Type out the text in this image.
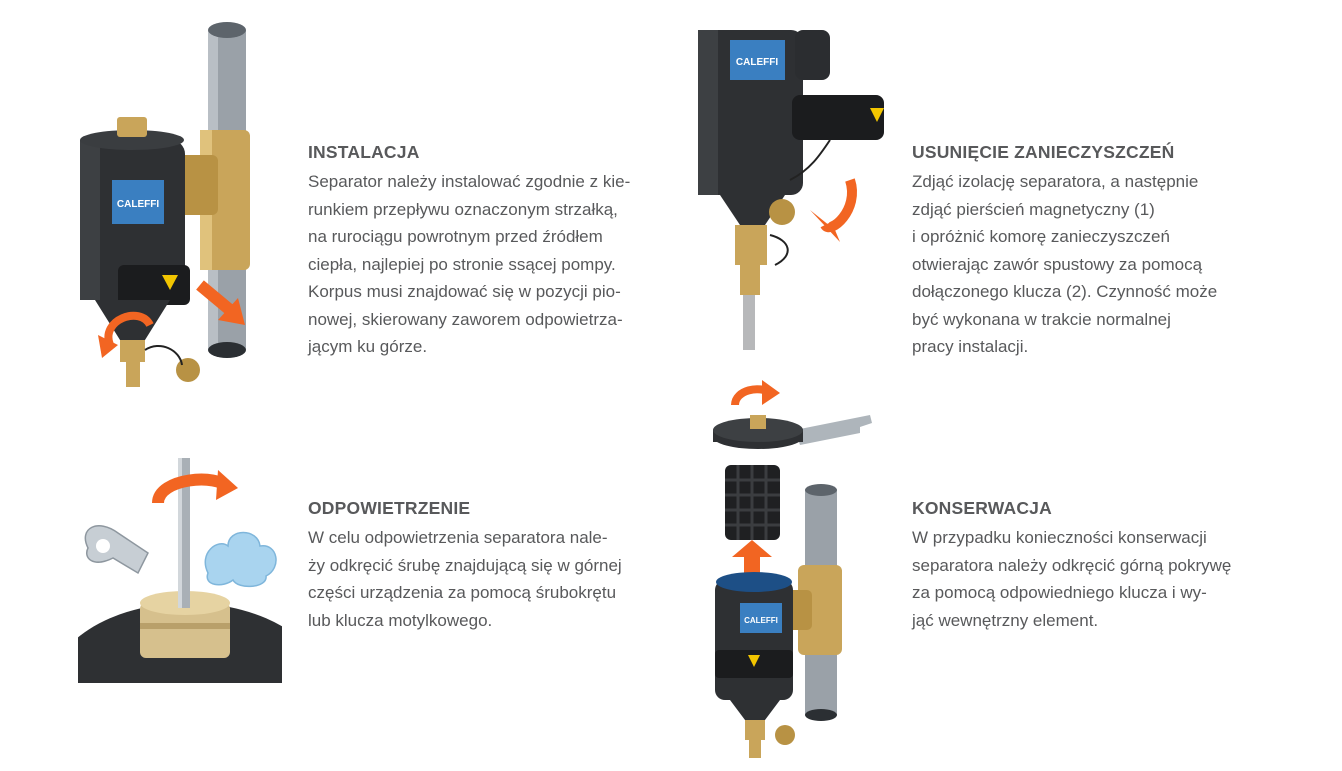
CALEFFI
INSTALACJA
Separator należy instalować zgodnie z kie-
runkiem przepływu oznaczonym strzałką,
na rurociągu powrotnym przed źródłem
ciepła, najlepiej po stronie ssącej pompy.
Korpus musi znajdować się w pozycji pio-
nowej, skierowany zaworem odpowietrza-
jącym ku górze.
ODPOWIETRZENIE
W celu odpowietrzenia separatora nale-
ży odkręcić śrubę znajdującą się w górnej
części urządzenia za pomocą śrubokrętu
lub klucza motylkowego.
CALEFFI
USUNIĘCIE ZANIECZYSZCZEŃ
Zdjąć izolację separatora, a następnie
zdjąć pierścień magnetyczny (1)
i opróżnić komorę zanieczyszczeń
otwierając zawór spustowy za pomocą
dołączonego klucza (2). Czynność może
być wykonana w trakcie normalnej
pracy instalacji.
CALEFFI
KONSERWACJA
W przypadku konieczności konserwacji
separatora należy odkręcić górną pokrywę
za pomocą odpowiedniego klucza i wy-
jąć wewnętrzny element.
